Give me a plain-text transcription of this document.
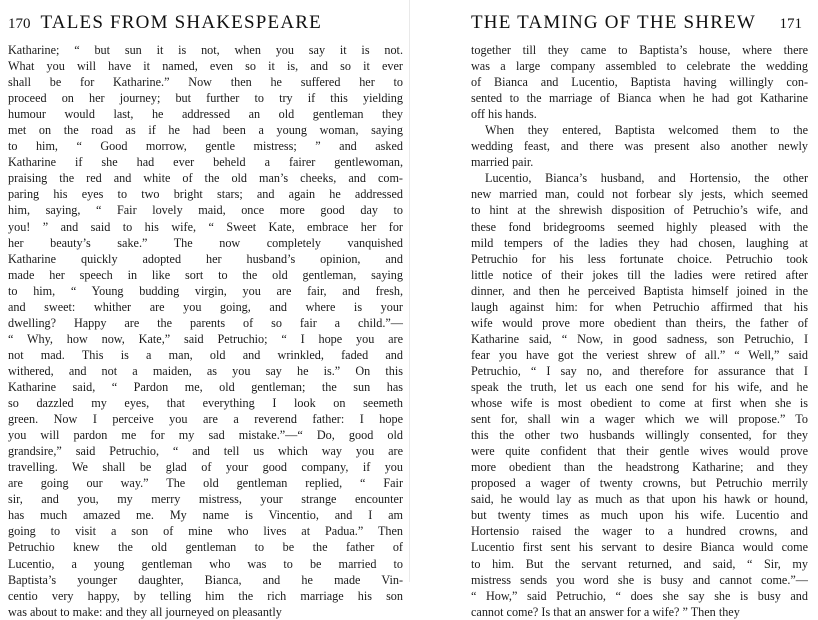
170 TALES FROM SHAKESPEARE
Katharine; “ but sun it is not, when you say it is not.
What you will have it named, even so it is, and so it ever
shall be for Katharine.” Now then he suffered her to
proceed on her journey; but further to try if this yielding
humour would last, he addressed an old gentleman they
met on the road as if he had been a young woman, saying
to him, “ Good morrow, gentle mistress; ” and asked
Katharine if she had ever beheld a fairer gentlewoman,
praising the red and white of the old man’s cheeks, and com-
paring his eyes to two bright stars; and again he addressed
him, saying, “ Fair lovely maid, once more good day to
you! ” and said to his wife, “ Sweet Kate, embrace her for
her beauty’s sake.” The now completely vanquished
Katharine quickly adopted her husband’s opinion, and
made her speech in like sort to the old gentleman, saying
to him, “ Young budding virgin, you are fair, and fresh,
and sweet: whither are you going, and where is your
dwelling? Happy are the parents of so fair a child.”—
“ Why, how now, Kate,” said Petruchio; “ I hope you are
not mad. This is a man, old and wrinkled, faded and
withered, and not a maiden, as you say he is.” On this
Katharine said, “ Pardon me, old gentleman; the sun has
so dazzled my eyes, that everything I look on seemeth
green. Now I perceive you are a reverend father: I hope
you will pardon me for my sad mistake.”—“ Do, good old
grandsire,” said Petruchio, “ and tell us which way you are
travelling. We shall be glad of your good company, if you
are going our way.” The old gentleman replied, “ Fair
sir, and you, my merry mistress, your strange encounter
has much amazed me. My name is Vincentio, and I am
going to visit a son of mine who lives at Padua.” Then
Petruchio knew the old gentleman to be the father of
Lucentio, a young gentleman who was to be married to
Baptista’s younger daughter, Bianca, and he made Vin-
centio very happy, by telling him the rich marriage his son
was about to make: and they all journeyed on pleasantly
THE TAMING OF THE SHREW 171
together till they came to Baptista’s house, where there
was a large company assembled to celebrate the wedding
of Bianca and Lucentio, Baptista having willingly con-
sented to the marriage of Bianca when he had got Katharine
off his hands.
When they entered, Baptista welcomed them to the
wedding feast, and there was present also another newly
married pair.
Lucentio, Bianca’s husband, and Hortensio, the other
new married man, could not forbear sly jests, which seemed
to hint at the shrewish disposition of Petruchio’s wife, and
these fond bridegrooms seemed highly pleased with the
mild tempers of the ladies they had chosen, laughing at
Petruchio for his less fortunate choice. Petruchio took
little notice of their jokes till the ladies were retired after
dinner, and then he perceived Baptista himself joined in the
laugh against him: for when Petruchio affirmed that his
wife would prove more obedient than theirs, the father of
Katharine said, “ Now, in good sadness, son Petruchio, I
fear you have got the veriest shrew of all.” “ Well,” said
Petruchio, “ I say no, and therefore for assurance that I
speak the truth, let us each one send for his wife, and he
whose wife is most obedient to come at first when she is
sent for, shall win a wager which we will propose.” To
this the other two husbands willingly consented, for they
were quite confident that their gentle wives would prove
more obedient than the headstrong Katharine; and they
proposed a wager of twenty crowns, but Petruchio merrily
said, he would lay as much as that upon his hawk or hound,
but twenty times as much upon his wife. Lucentio and
Hortensio raised the wager to a hundred crowns, and
Lucentio first sent his servant to desire Bianca would come
to him. But the servant returned, and said, “ Sir, my
mistress sends you word she is busy and cannot come.”—
“ How,” said Petruchio, “ does she say she is busy and
cannot come? Is that an answer for a wife? ” Then they
